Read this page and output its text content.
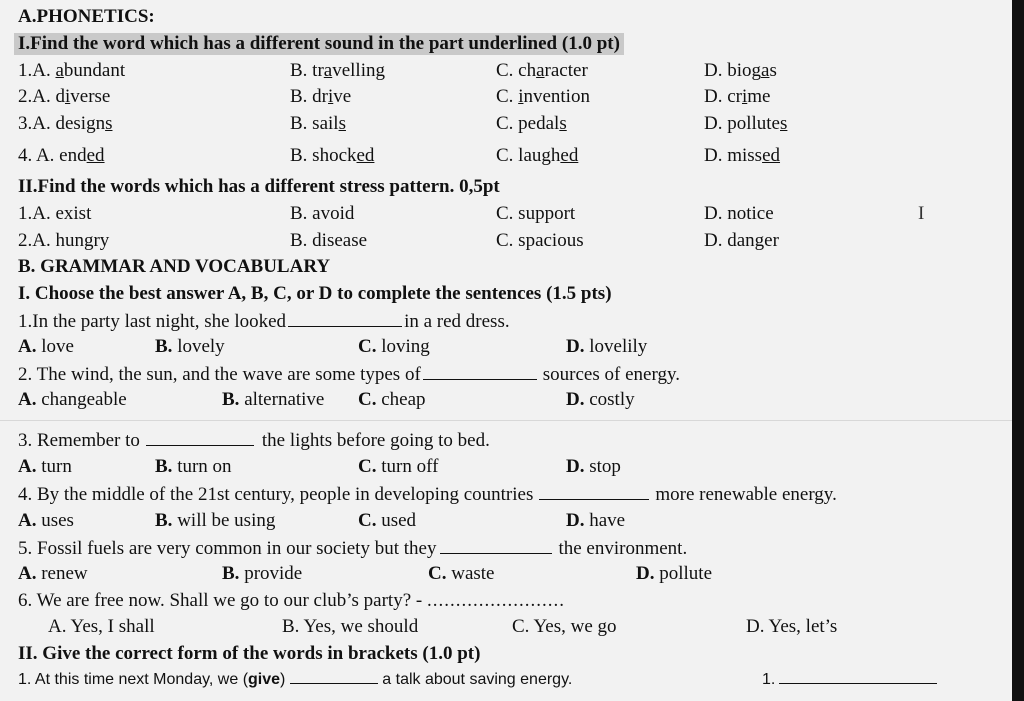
A.PHONETICS:
I.Find the word which has a different sound in the part underlined (1.0 pt)
1.A. abundant	B. travelling	C. character	D. biogas
2.A. diverse	B. drive	C. invention	D. crime
3.A. designs	B. sails	C. pedals	D. pollutes
4. A. ended	B. shocked	C. laughed	D. missed
II.Find the words which has a different stress pattern. 0,5pt
1.A. exist	B. avoid	C. support	D. notice	I
2.A. hungry	B. disease	C. spacious	D. danger
B. GRAMMAR AND VOCABULARY
I. Choose the best answer A, B, C, or D to complete the sentences (1.5 pts)
1.In the party last night, she looked	in a red dress.
A. love	B. lovely	C. loving	D. lovelily
2. The wind, the sun, and the wave are some types of	sources of energy.
A. changeable	B. alternative C. cheap	D. costly
3. Remember to	the lights before going to bed.
A. turn	B. turn on	C. turn off	D. stop
4. By the middle of the 21st century, people in developing countries	more renewable energy.
A. uses	B. will be using	C. used	D. have
5. Fossil fuels are very common in our society but they	the environment.
A. renew	B. provide	C. waste	D. pollute
6. We are free now. Shall we go to our club’s party? - ........................
A. Yes, I shall	B. Yes, we should	C. Yes, we go	D. Yes, let’s
II. Give the correct form of the words in brackets (1.0 pt)
1. At this time next Monday, we (give)	a talk about saving energy.	1.
